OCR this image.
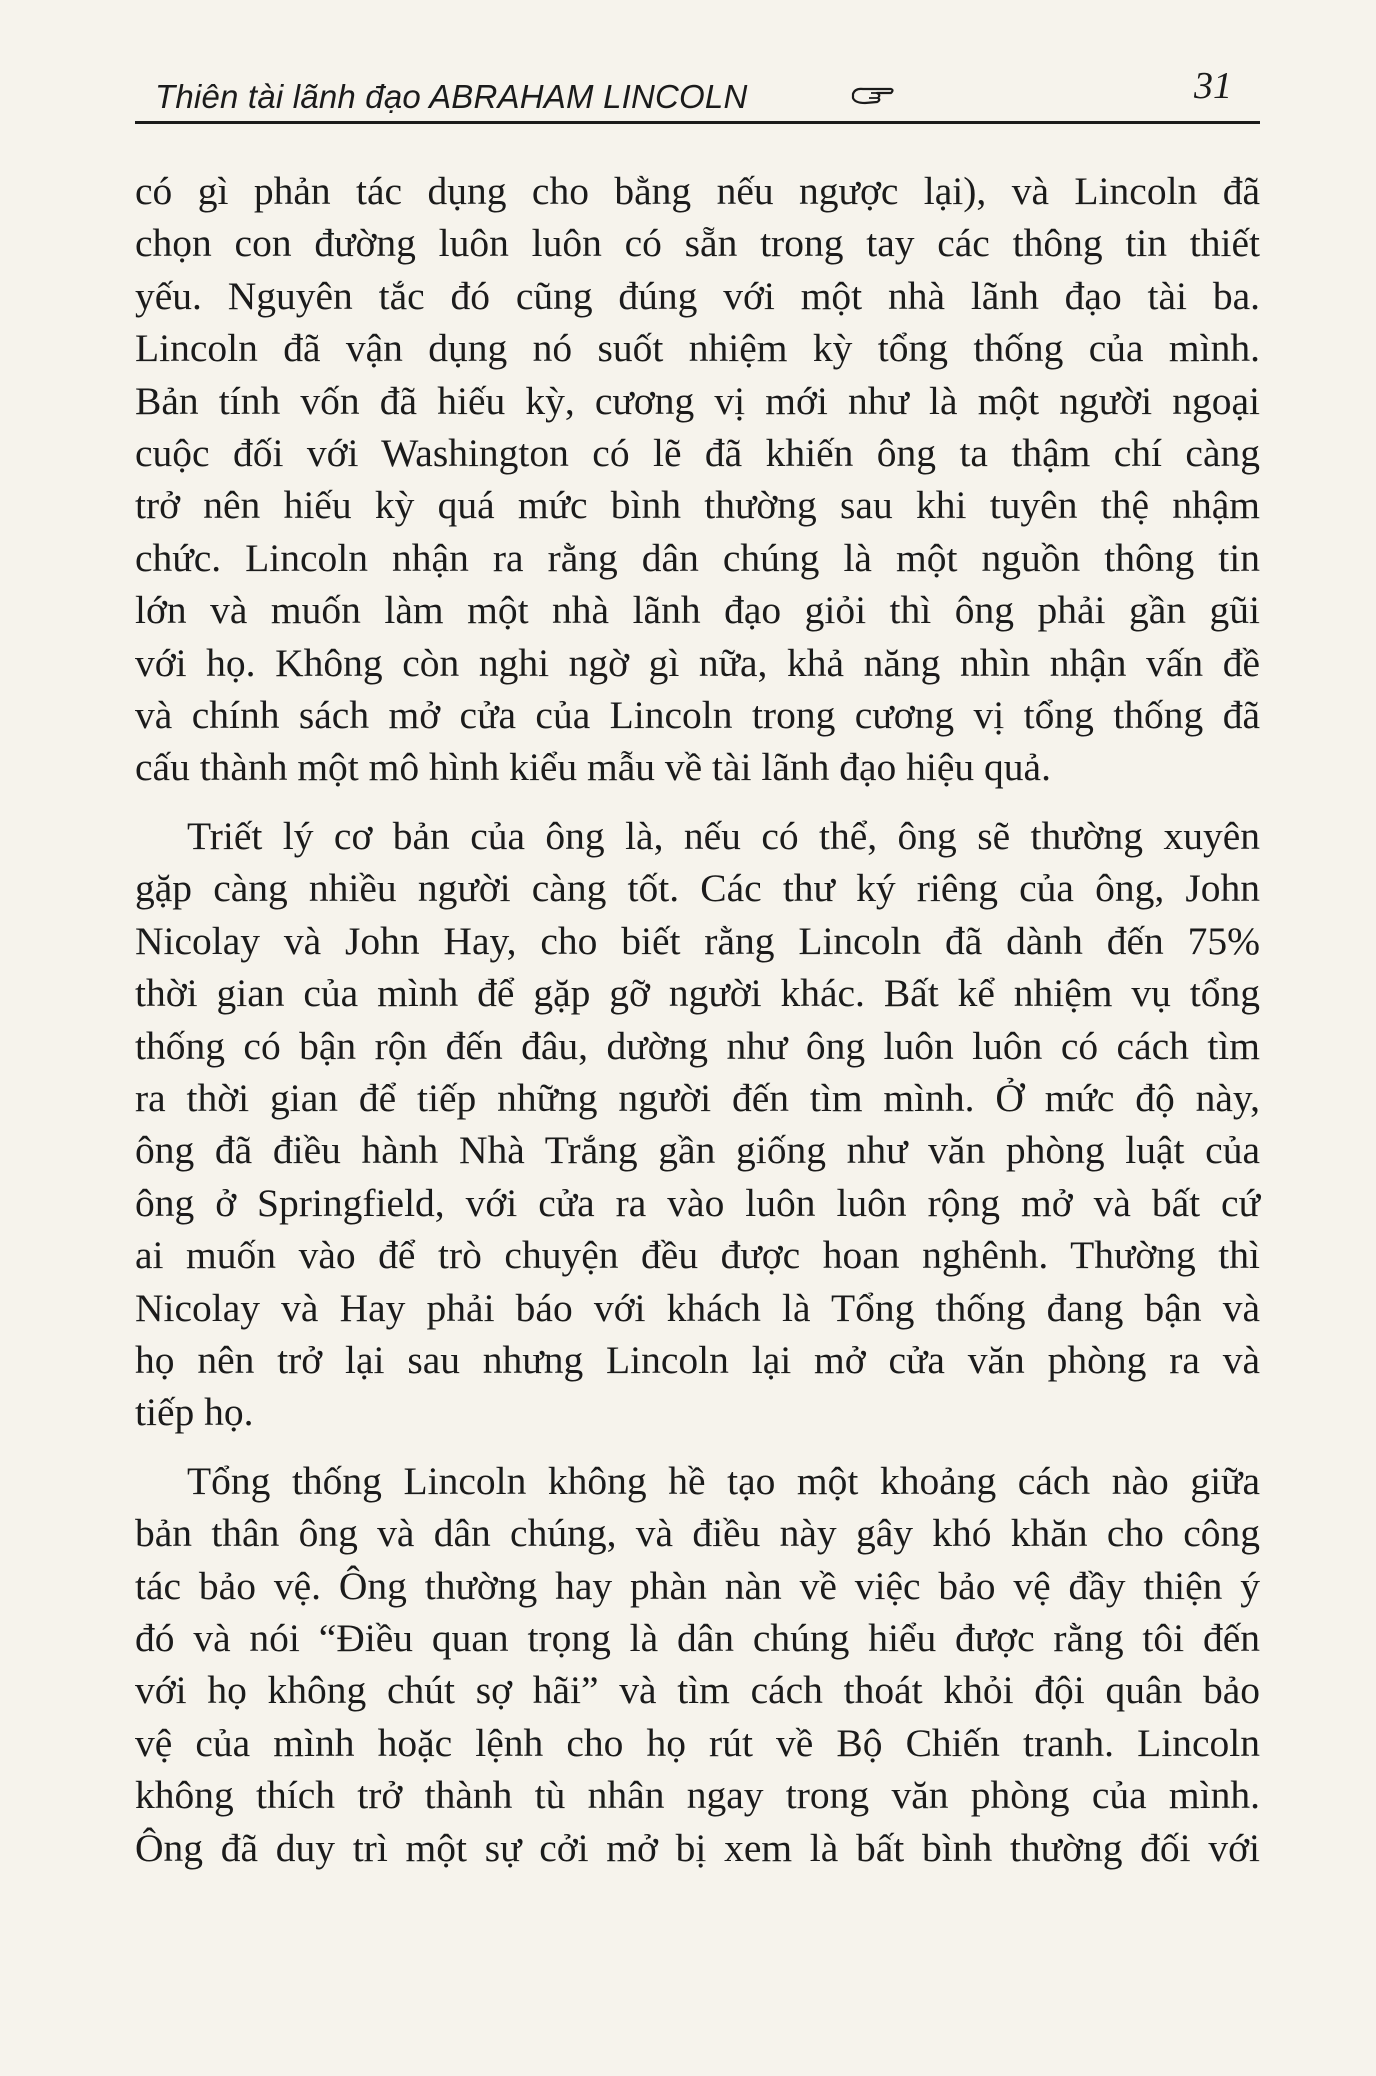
Thiên tài lãnh đạo ABRAHAM LINCOLN	31

có gì phản tác dụng cho bằng nếu ngược lại), và Lincoln đã
chọn con đường luôn luôn có sẵn trong tay các thông tin thiết
yếu. Nguyên tắc đó cũng đúng với một nhà lãnh đạo tài ba.
Lincoln đã vận dụng nó suốt nhiệm kỳ tổng thống của mình.
Bản tính vốn đã hiếu kỳ, cương vị mới như là một người ngoại
cuộc đối với Washington có lẽ đã khiến ông ta thậm chí càng
trở nên hiếu kỳ quá mức bình thường sau khi tuyên thệ nhậm
chức. Lincoln nhận ra rằng dân chúng là một nguồn thông tin
lớn và muốn làm một nhà lãnh đạo giỏi thì ông phải gần gũi
với họ. Không còn nghi ngờ gì nữa, khả năng nhìn nhận vấn đề
và chính sách mở cửa của Lincoln trong cương vị tổng thống đã
cấu thành một mô hình kiểu mẫu về tài lãnh đạo hiệu quả.

Triết lý cơ bản của ông là, nếu có thể, ông sẽ thường xuyên
gặp càng nhiều người càng tốt. Các thư ký riêng của ông, John
Nicolay và John Hay, cho biết rằng Lincoln đã dành đến 75%
thời gian của mình để gặp gỡ người khác. Bất kể nhiệm vụ tổng
thống có bận rộn đến đâu, dường như ông luôn luôn có cách tìm
ra thời gian để tiếp những người đến tìm mình. Ở mức độ này,
ông đã điều hành Nhà Trắng gần giống như văn phòng luật của
ông ở Springfield, với cửa ra vào luôn luôn rộng mở và bất cứ
ai muốn vào để trò chuyện đều được hoan nghênh. Thường thì
Nicolay và Hay phải báo với khách là Tổng thống đang bận và
họ nên trở lại sau nhưng Lincoln lại mở cửa văn phòng ra và
tiếp họ.

Tổng thống Lincoln không hề tạo một khoảng cách nào giữa
bản thân ông và dân chúng, và điều này gây khó khăn cho công
tác bảo vệ. Ông thường hay phàn nàn về việc bảo vệ đầy thiện ý
đó và nói “Điều quan trọng là dân chúng hiểu được rằng tôi đến
với họ không chút sợ hãi” và tìm cách thoát khỏi đội quân bảo
vệ của mình hoặc lệnh cho họ rút về Bộ Chiến tranh. Lincoln
không thích trở thành tù nhân ngay trong văn phòng của mình.
Ông đã duy trì một sự cởi mở bị xem là bất bình thường đối với
